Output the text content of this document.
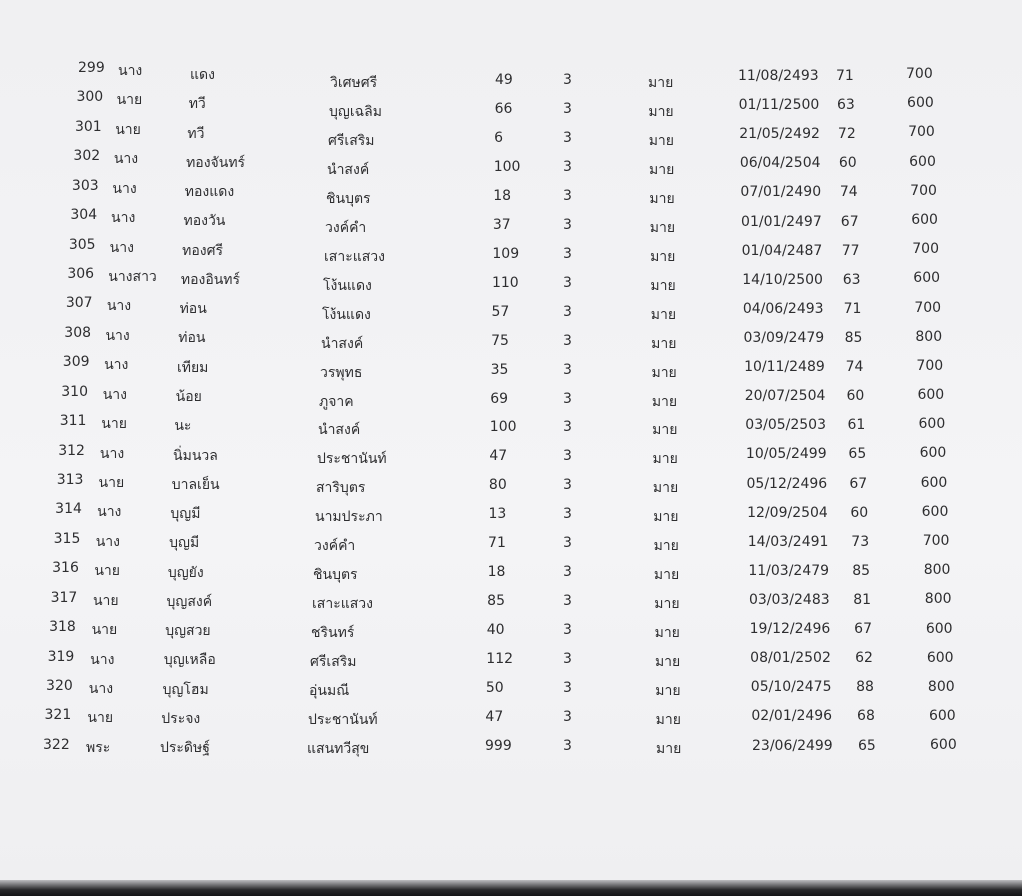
299 นาง	แดง	วิเศษศรี	49	3	มาย	11/08/2493 71	700
300 นาย	ทวี	บุญเฉลิม	66	3	มาย	01/11/2500 63	600
301 นาย	ทวี	ศรีเสริม	6	3	มาย	21/05/2492 72	700
302 นาง	ทองจันทร์	นำสงค์	100	3	มาย	06/04/2504 60	600
303 นาง	ทองแดง	ชินบุตร	18	3	มาย	07/01/2490 74	700
304 นาง	ทองวัน	วงค์คำ	37	3	มาย	01/01/2497 67	600
305 นาง	ทองศรี	เสาะแสวง	109	3	มาย	01/04/2487 77	700
306 นางสาว ทองอินทร์	โง้นแดง	110	3	มาย	14/10/2500 63	600
307 นาง	ท่อน	โง้นแดง	57	3	มาย	04/06/2493 71	700
308 นาง	ท่อน	นำสงค์	75	3	มาย	03/09/2479 85	800
309 นาง	เทียม	วรพุทธ	35	3	มาย	10/11/2489 74	700
310 นาง	น้อย	ภูจาค	69	3	มาย	20/07/2504 60	600
311 นาย	นะ	นำสงค์	100	3	มาย	03/05/2503 61	600
312 นาง	นิ่มนวล	ประชานันท์	47	3	มาย	10/05/2499 65	600
313 นาย	บาลเย็น	สาริบุตร	80	3	มาย	05/12/2496 67	600
314 นาง	บุญมี	นามประภา	13	3	มาย	12/09/2504 60	600
315 นาง	บุญมี	วงค์คำ	71	3	มาย	14/03/2491 73	700
316 นาย	บุญยัง	ชินบุตร	18	3	มาย	11/03/2479 85	800
317 นาย	บุญสงค์	เสาะแสวง	85	3	มาย	03/03/2483 81	800
318 นาย	บุญสวย	ชรินทร์	40	3	มาย	19/12/2496 67	600
319 นาง	บุญเหลือ	ศรีเสริม	112	3	มาย	08/01/2502 62	600
320 นาง	บุญโฮม	อุ่นมณี	50	3	มาย	05/10/2475 88	800
321 นาย	ประจง	ประชานันท์	47	3	มาย	02/01/2496 68	600
322 พระ	ประดิษฐ์	แสนทวีสุข	999	3	มาย	23/06/2499 65	600
